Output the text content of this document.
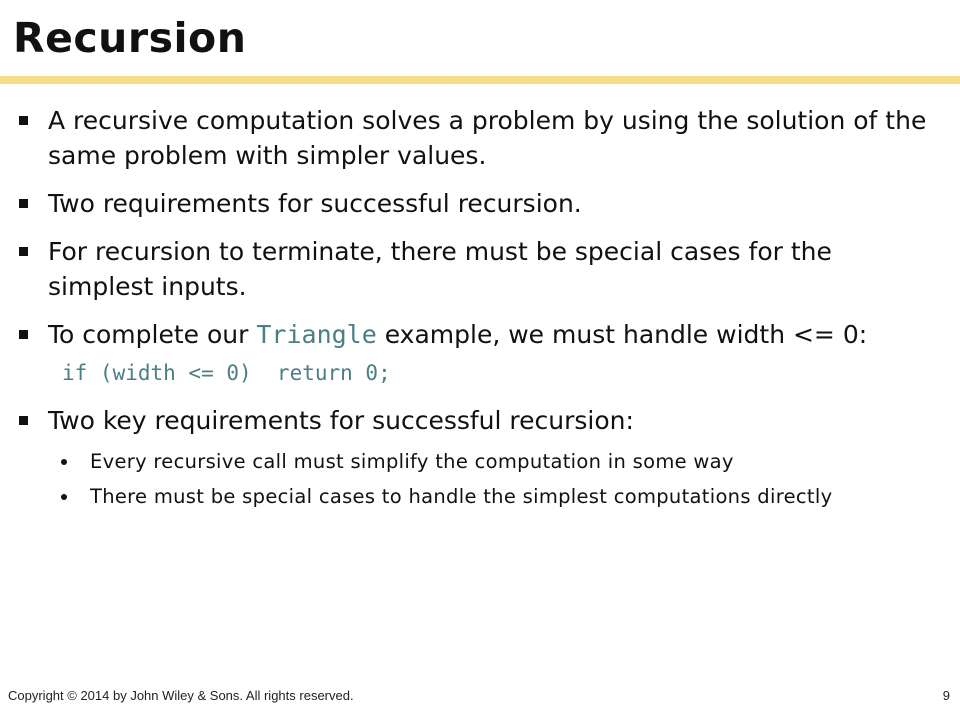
Recursion

A recursive computation solves a problem by using the solution of the same problem with simpler values.

Two requirements for successful recursion.

For recursion to terminate, there must be special cases for the simplest inputs.

To complete our Triangle example, we must handle width <= 0:

if (width <= 0)  return 0;

Two key requirements for successful recursion:

Every recursive call must simplify the computation in some way

There must be special cases to handle the simplest computations directly

Copyright © 2014 by John Wiley & Sons. All rights reserved.	9
